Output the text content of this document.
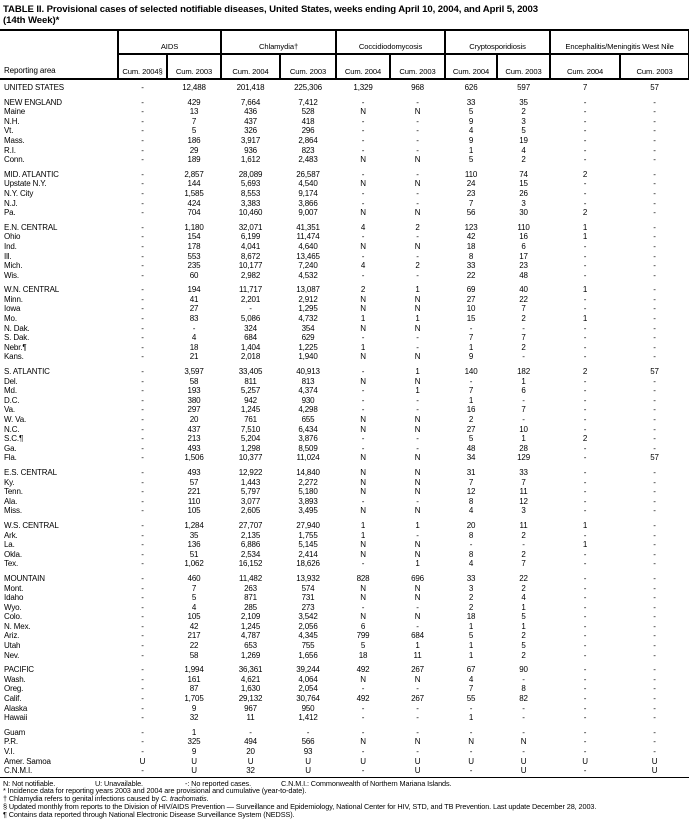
TABLE II. Provisional cases of selected notifiable diseases, United States, weeks ending April 10, 2004, and April 5, 2003
(14th Week)*
Reporting area	AIDS		Chlamydia†		Coccidiodomycosis		Cryptosporidiosis		Encephalitis/Meningitis West Nile	
	Cum. 2004§	Cum. 2003	Cum. 2004	Cum. 2003	Cum. 2004	Cum. 2003	Cum. 2004	Cum. 2003	Cum. 2004	Cum. 2003
UNITED STATES	-	12,488	201,418	225,306	1,329	968	626	597	7	57
NEW ENGLAND	-	429	7,664	7,412	-	-	33	35	-	-
Maine	-	13	436	528	N	N	5	2	-	-
N.H.	-	7	437	418	-	-	9	3	-	-
Vt.	-	5	326	296	-	-	4	5	-	-
Mass.	-	186	3,917	2,864	-	-	9	19	-	-
R.I.	-	29	936	823	-	-	1	4	-	-
Conn.	-	189	1,612	2,483	N	N	5	2	-	-
MID. ATLANTIC	-	2,857	28,089	26,587	-	-	110	74	2	-
Upstate N.Y.	-	144	5,693	4,540	N	N	24	15	-	-
N.Y. City	-	1,585	8,553	9,174	-	-	23	26	-	-
N.J.	-	424	3,383	3,866	-	-	7	3	-	-
Pa.	-	704	10,460	9,007	N	N	56	30	2	-
E.N. CENTRAL	-	1,180	32,071	41,351	4	2	123	110	1	-
Ohio	-	154	6,199	11,474	-	-	42	16	1	-
Ind.	-	178	4,041	4,640	N	N	18	6	-	-
Ill.	-	553	8,672	13,465	-	-	8	17	-	-
Mich.	-	235	10,177	7,240	4	2	33	23	-	-
Wis.	-	60	2,982	4,532	-	-	22	48	-	-
W.N. CENTRAL	-	194	11,717	13,087	2	1	69	40	1	-
Minn.	-	41	2,201	2,912	N	N	27	22	-	-
Iowa	-	27	-	1,295	N	N	10	7	-	-
Mo.	-	83	5,086	4,732	1	1	15	2	1	-
N. Dak.	-	-	324	354	N	N	-	-	-	-
S. Dak.	-	4	684	629	-	-	7	7	-	-
Nebr.¶	-	18	1,404	1,225	1	-	1	2	-	-
Kans.	-	21	2,018	1,940	N	N	9	-	-	-
S. ATLANTIC	-	3,597	33,405	40,913	-	1	140	182	2	57
Del.	-	58	811	813	N	N	-	1	-	-
Md.	-	193	5,257	4,374	-	1	7	6	-	-
D.C.	-	380	942	930	-	-	1	-	-	-
Va.	-	297	1,245	4,298	-	-	16	7	-	-
W. Va.	-	20	761	655	N	N	2	-	-	-
N.C.	-	437	7,510	6,434	N	N	27	10	-	-
S.C.¶	-	213	5,204	3,876	-	-	5	1	2	-
Ga.	-	493	1,298	8,509	-	-	48	28	-	-
Fla.	-	1,506	10,377	11,024	N	N	34	129	-	57
E.S. CENTRAL	-	493	12,922	14,840	N	N	31	33	-	-
Ky.	-	57	1,443	2,272	N	N	7	7	-	-
Tenn.	-	221	5,797	5,180	N	N	12	11	-	-
Ala.	-	110	3,077	3,893	-	-	8	12	-	-
Miss.	-	105	2,605	3,495	N	N	4	3	-	-
W.S. CENTRAL	-	1,284	27,707	27,940	1	1	20	11	1	-
Ark.	-	35	2,135	1,755	1	-	8	2	-	-
La.	-	136	6,886	5,145	N	N	-	-	1	-
Okla.	-	51	2,534	2,414	N	N	8	2	-	-
Tex.	-	1,062	16,152	18,626	-	1	4	7	-	-
MOUNTAIN	-	460	11,482	13,932	828	696	33	22	-	-
Mont.	-	7	263	574	N	N	3	2	-	-
Idaho	-	5	871	731	N	N	2	4	-	-
Wyo.	-	4	285	273	-	-	2	1	-	-
Colo.	-	105	2,109	3,542	N	N	18	5	-	-
N. Mex.	-	42	1,245	2,056	6	-	1	1	-	-
Ariz.	-	217	4,787	4,345	799	684	5	2	-	-
Utah	-	22	653	755	5	1	1	5	-	-
Nev.	-	58	1,269	1,656	18	11	1	2	-	-
PACIFIC	-	1,994	36,361	39,244	492	267	67	90	-	-
Wash.	-	161	4,621	4,064	N	N	4	-	-	-
Oreg.	-	87	1,630	2,054	-	-	7	8	-	-
Calif.	-	1,705	29,132	30,764	492	267	55	82	-	-
Alaska	-	9	967	950	-	-	-	-	-	-
Hawaii	-	32	11	1,412	-	-	1	-	-	-
Guam	-	1	-	-	-	-	-	-	-	-
P.R.	-	325	494	566	N	N	N	N	-	-
V.I.	-	9	20	93	-	-	-	-	-	-
Amer. Samoa	U	U	U	U	U	U	U	U	U	U
C.N.M.I.	-	U	32	U	-	U	-	U	-	U
N: Not notifiable.	U: Unavailable.	-: No reported cases.	C.N.M.I.: Commonwealth of Northern Mariana Islands.
* Incidence data for reporting years 2003 and 2004 are provisional and cumulative (year-to-date).
† Chlamydia refers to genital infections caused by C. trachomatis.
§ Updated monthly from reports to the Division of HIV/AIDS Prevention — Surveillance and Epidemiology, National Center for HIV, STD, and TB Prevention. Last update December 28, 2003.
¶ Contains data reported through National Electronic Disease Surveillance System (NEDSS).
